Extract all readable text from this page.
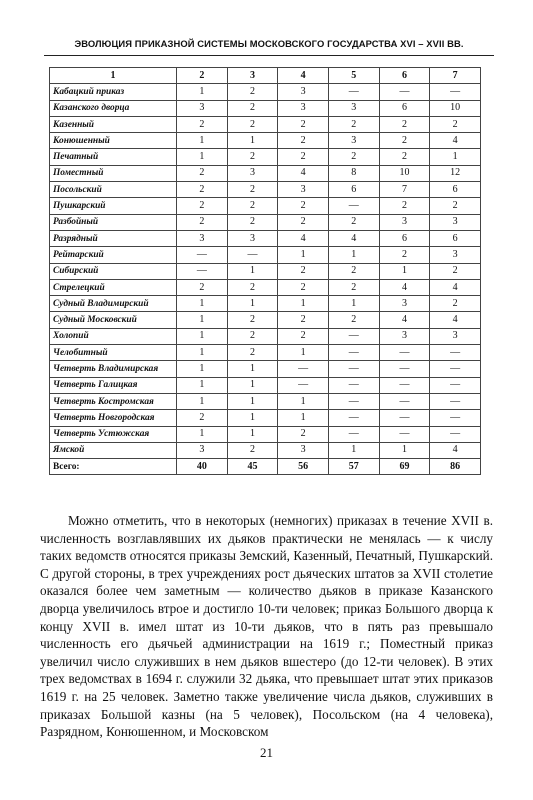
ЭВОЛЮЦИЯ ПРИКАЗНОЙ СИСТЕМЫ МОСКОВСКОГО ГОСУДАРСТВА XVI – XVII ВВ.
1	2	3	4	5	6	7
Кабацкий приказ	1	2	3	—	—	—
Казанского дворца	3	2	3	3	6	10
Казенный	2	2	2	2	2	2
Конюшенный	1	1	2	3	2	4
Печатный	1	2	2	2	2	1
Поместный	2	3	4	8	10	12
Посольский	2	2	3	6	7	6
Пушкарский	2	2	2	—	2	2
Разбойный	2	2	2	2	3	3
Разрядный	3	3	4	4	6	6
Рейтарский	—	—	1	1	2	3
Сибирский	—	1	2	2	1	2
Стрелецкий	2	2	2	2	4	4
Судный Владимирский	1	1	1	1	3	2
Судный Московский	1	2	2	2	4	4
Холопий	1	2	2	—	3	3
Челобитный	1	2	1	—	—	—
Четверть Владимирская	1	1	—	—	—	—
Четверть Галицкая	1	1	—	—	—	—
Четверть Костромская	1	1	1	—	—	—
Четверть Новгородская	2	1	1	—	—	—
Четверть Устюжская	1	1	2	—	—	—
Ямской	3	2	3	1	1	4
Всего:	40	45	56	57	69	86

Можно отметить, что в некоторых (немногих) приказах в течение XVII в. численность возглавлявших их дьяков практически не менялась — к числу таких ведомств относятся приказы Земский, Казенный, Печатный, Пушкарский. С другой стороны, в трех учреждениях рост дьяческих штатов за XVII столетие оказался более чем заметным — количество дьяков в приказе Казанского дворца увеличилось втрое и достигло 10-ти человек; приказ Большого дворца к концу XVII в. имел штат из 10-ти дьяков, что в пять раз превышало численность его дьячьей администрации на 1619 г.; Поместный приказ увеличил число служивших в нем дьяков вшестеро (до 12-ти человек). В этих трех ведомствах в 1694 г. служили 32 дьяка, что превышает штат этих приказов 1619 г. на 25 человек. Заметно также увеличение числа дьяков, служивших в приказах Большой казны (на 5 человек), Посольском (на 4 человека), Разрядном, Конюшенном, и Московском

21
